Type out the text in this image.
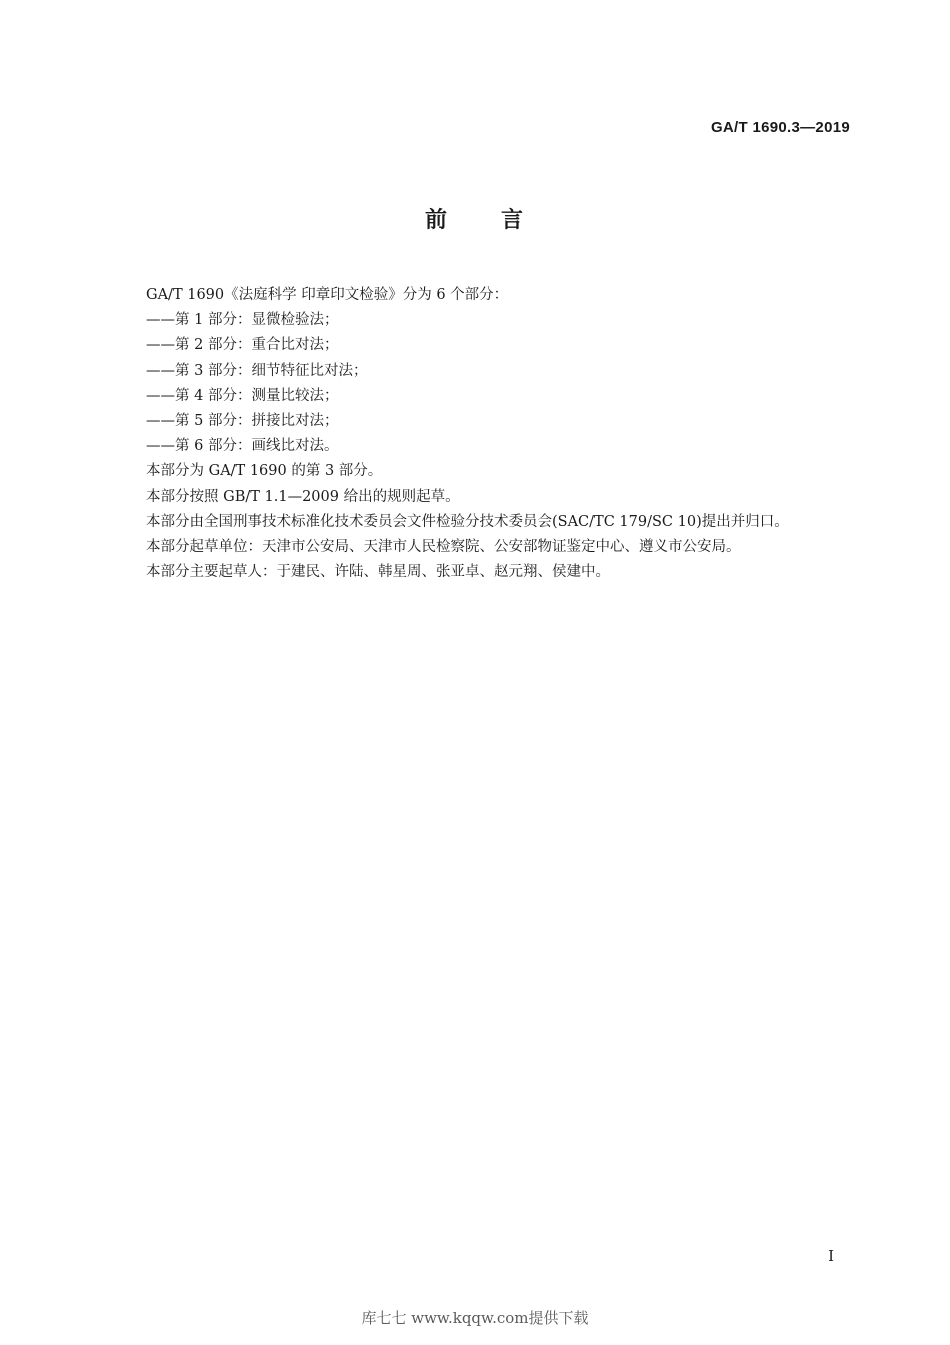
GA/T 1690.3—2019
前 言
GA/T 1690《法庭科学 印章印文检验》分为 6 个部分：
——第 1 部分：显微检验法；
——第 2 部分：重合比对法；
——第 3 部分：细节特征比对法；
——第 4 部分：测量比较法；
——第 5 部分：拼接比对法；
——第 6 部分：画线比对法。
本部分为 GA/T 1690 的第 3 部分。
本部分按照 GB/T 1.1—2009 给出的规则起草。
本部分由全国刑事技术标准化技术委员会文件检验分技术委员会(SAC/TC 179/SC 10)提出并归口。
本部分起草单位：天津市公安局、天津市人民检察院、公安部物证鉴定中心、遵义市公安局。
本部分主要起草人：于建民、许陆、韩星周、张亚卓、赵元翔、侯建中。
I
库七七 www.kqqw.com提供下载
